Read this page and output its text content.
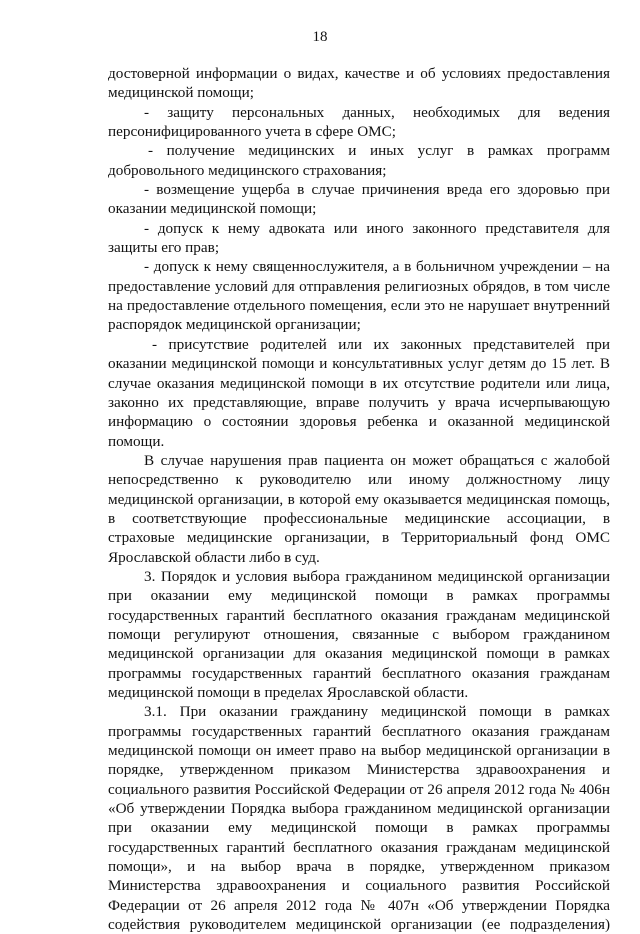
18
достоверной информации о видах, качестве и об условиях предоставления
медицинской помощи;
- защиту персональных данных, необходимых для ведения
персонифицированного учета в сфере ОМС;
- получение медицинских и иных услуг в рамках программ
добровольного медицинского страхования;
- возмещение ущерба в случае причинения вреда его здоровью при
оказании медицинской помощи;
- допуск к нему адвоката или иного законного представителя для
защиты его прав;
- допуск к нему священнослужителя, а в больничном учреждении – на
предоставление условий для отправления религиозных обрядов, в том числе
на предоставление отдельного помещения, если это не нарушает внутренний
распорядок медицинской организации;
- присутствие родителей или их законных представителей при
оказании медицинской помощи и консультативных услуг детям до 15 лет. В
случае оказания медицинской помощи в их отсутствие родители или лица,
законно их представляющие, вправе получить у врача исчерпывающую
информацию о состоянии здоровья ребенка и оказанной медицинской
помощи.
В случае нарушения прав пациента он может обращаться с жалобой
непосредственно к руководителю или иному должностному лицу
медицинской организации, в которой ему оказывается медицинская помощь,
в соответствующие профессиональные медицинские ассоциации, в
страховые медицинские организации, в Территориальный фонд ОМС
Ярославской области либо в суд.
3. Порядок и условия выбора гражданином медицинской организации
при оказании ему медицинской помощи в рамках программы
государственных гарантий бесплатного оказания гражданам медицинской
помощи регулируют отношения, связанные с выбором гражданином
медицинской организации для оказания медицинской помощи в рамках
программы государственных гарантий бесплатного оказания гражданам
медицинской помощи в пределах Ярославской области.
3.1. При оказании гражданину медицинской помощи в рамках
программы государственных гарантий бесплатного оказания гражданам
медицинской помощи он имеет право на выбор медицинской организации в
порядке, утвержденном приказом Министерства здравоохранения и
социального развития Российской Федерации от 26 апреля 2012 года № 406н
«Об утверждении Порядка выбора гражданином медицинской организации
при оказании ему медицинской помощи в рамках программы
государственных гарантий бесплатного оказания гражданам медицинской
помощи», и на выбор врача в порядке, утвержденном приказом
Министерства здравоохранения и социального развития Российской
Федерации от 26 апреля 2012 года № 407н «Об утверждении Порядка
содействия руководителем медицинской организации (ее подразделения)
